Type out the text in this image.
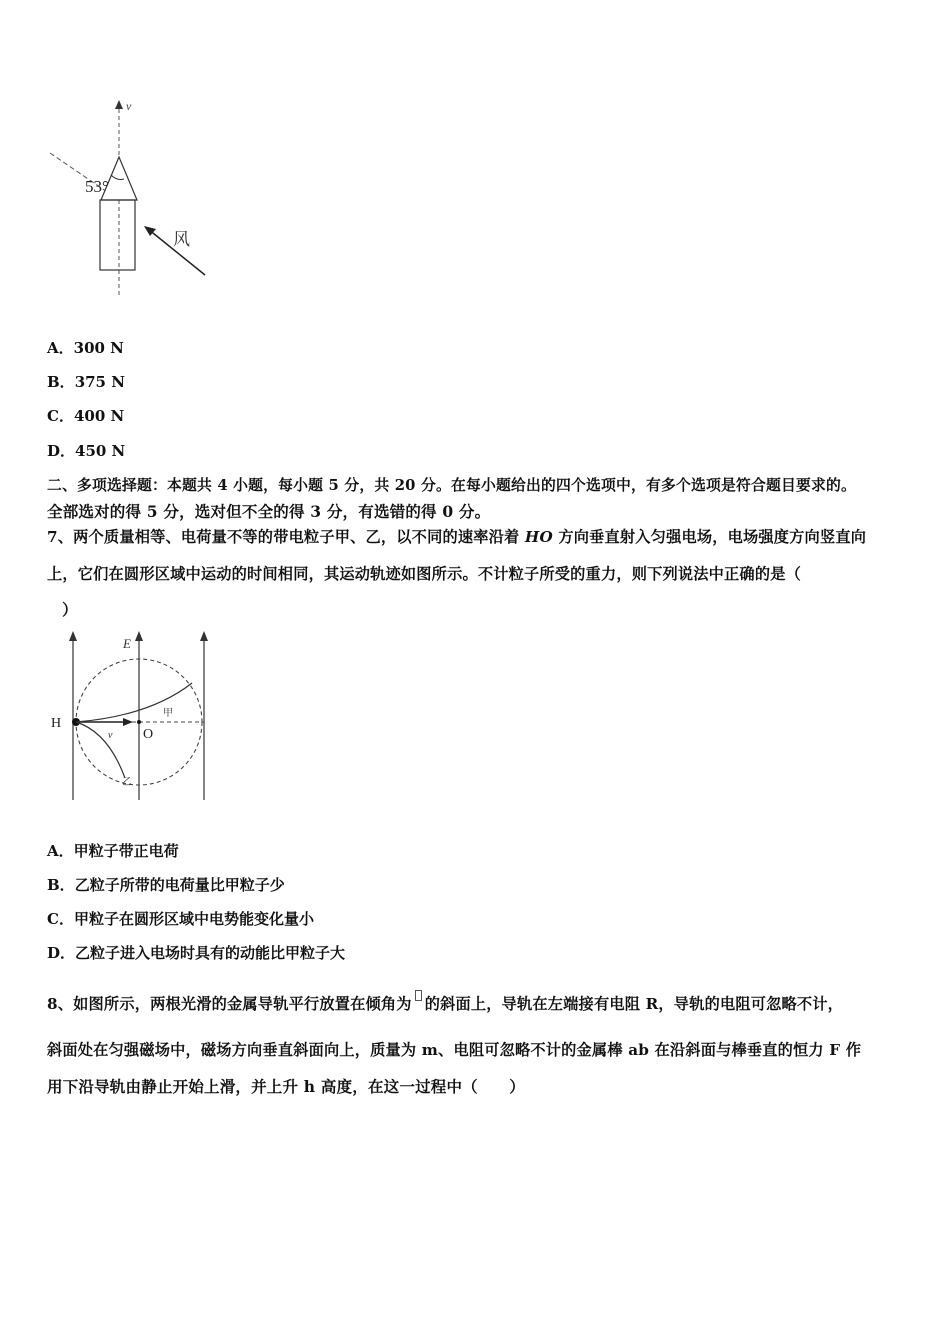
v
53°
风
A．300 N
B．375 N
C．400 N
D．450 N
二、多项选择题：本题共 4 小题，每小题 5 分，共 20 分。在每小题给出的四个选项中，有多个选项是符合题目要求的。
全部选对的得 5 分，选对但不全的得 3 分，有选错的得 0 分。
7、两个质量相等、电荷量不等的带电粒子甲、乙，以不同的速率沿着 HO 方向垂直射入匀强电场，电场强度方向竖直向
上，它们在圆形区域中运动的时间相同，其运动轨迹如图所示。不计粒子所受的重力，则下列说法中正确的是（
）
E
v
H
O
甲
乙
A．甲粒子带正电荷
B．乙粒子所带的电荷量比甲粒子少
C．甲粒子在圆形区域中电势能变化量小
D．乙粒子进入电场时具有的动能比甲粒子大
8、如图所示，两根光滑的金属导轨平行放置在倾角为 的斜面上，导轨在左端接有电阻 R，导轨的电阻可忽略不计，
斜面处在匀强磁场中，磁场方向垂直斜面向上，质量为 m、电阻可忽略不计的金属棒 ab 在沿斜面与棒垂直的恒力 F 作
用下沿导轨由静止开始上滑，并上升 h 高度，在这一过程中（　　）
